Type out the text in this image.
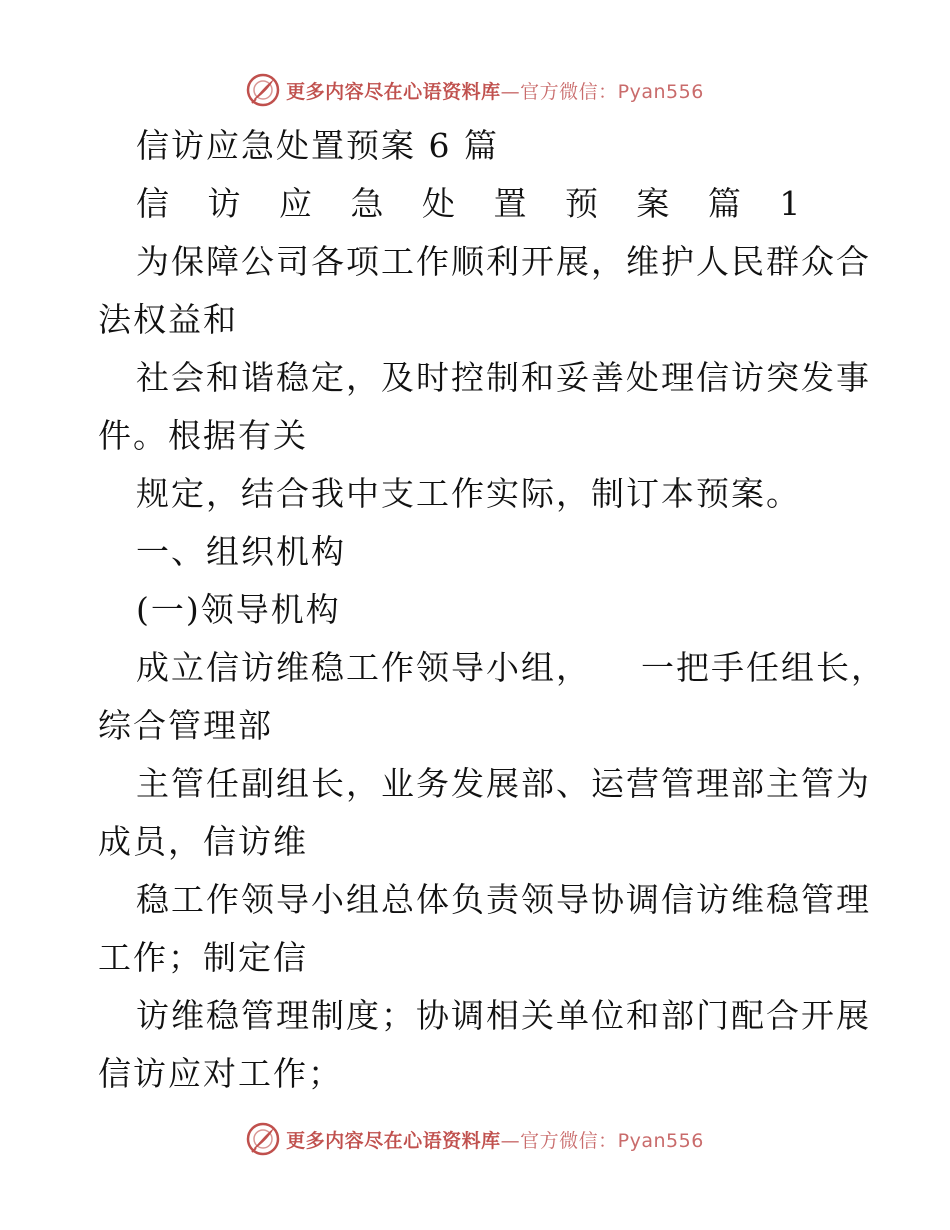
更多内容尽在心语资料库—官方微信：Pyan556
信访应急处置预案 6 篇
信 访 应 急 处 置 预 案 篇 1
为保障公司各项工作顺利开展，维护人民群众合
法权益和
社会和谐稳定，及时控制和妥善处理信访突发事
件。根据有关
规定，结合我中支工作实际，制订本预案。
一、组织机构
(一)领导机构
成立信访维稳工作领导小组，    一把手任组长，
综合管理部
主管任副组长，业务发展部、运营管理部主管为
成员，信访维
稳工作领导小组总体负责领导协调信访维稳管理
工作；制定信
访维稳管理制度；协调相关单位和部门配合开展
信访应对工作；
更多内容尽在心语资料库—官方微信：Pyan556
